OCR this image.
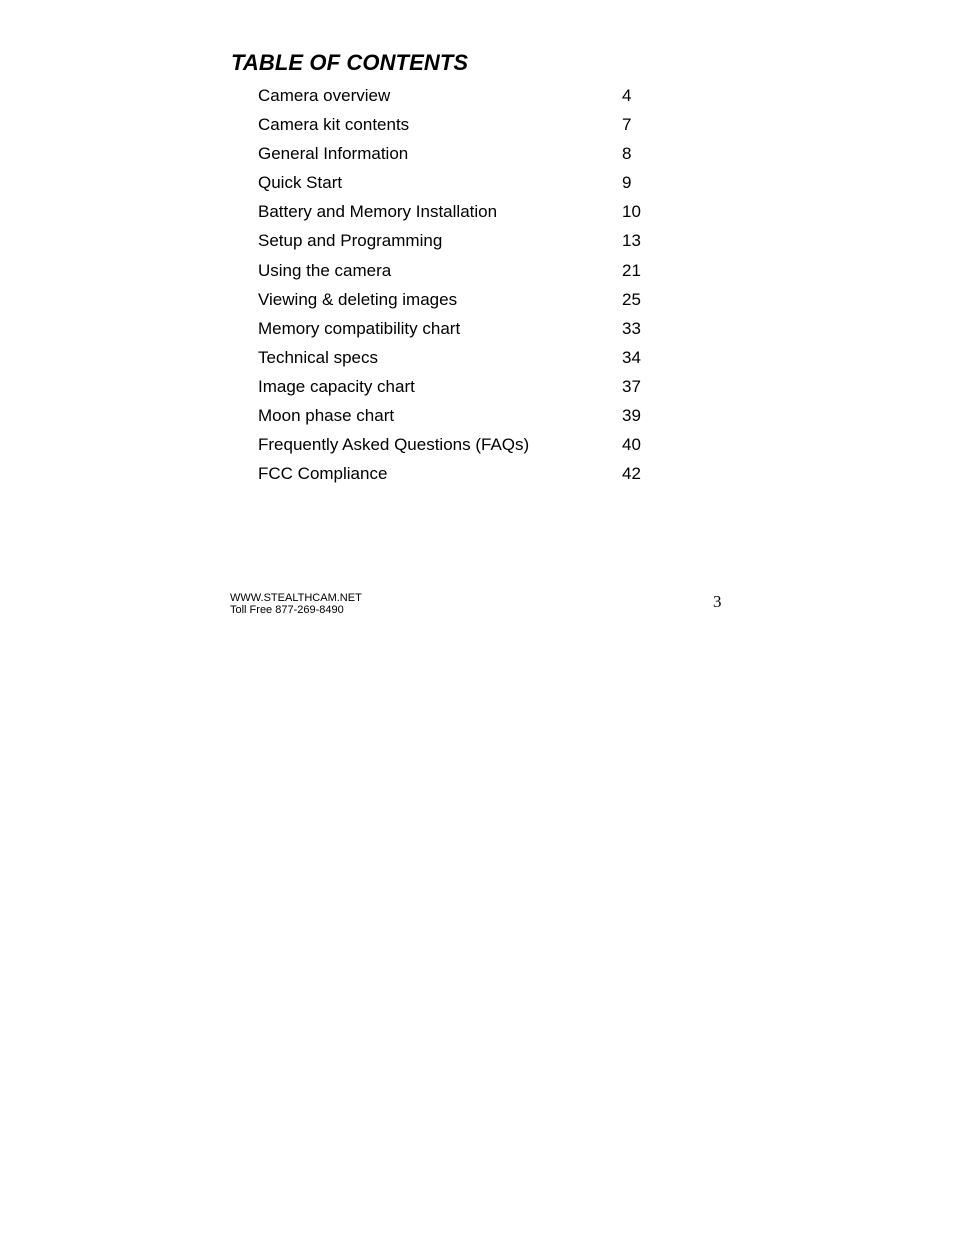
TABLE OF CONTENTS
Camera overview	4
Camera kit contents	7
General Information	8
Quick Start	9
Battery and Memory Installation	10
Setup and Programming	13
Using the camera	21
Viewing & deleting images	25
Memory compatibility chart	33
Technical specs	34
Image capacity chart	37
Moon phase chart	39
Frequently Asked Questions (FAQs)	40
FCC Compliance	42
WWW.STEALTHCAM.NET
Toll Free 877-269-8490	3
